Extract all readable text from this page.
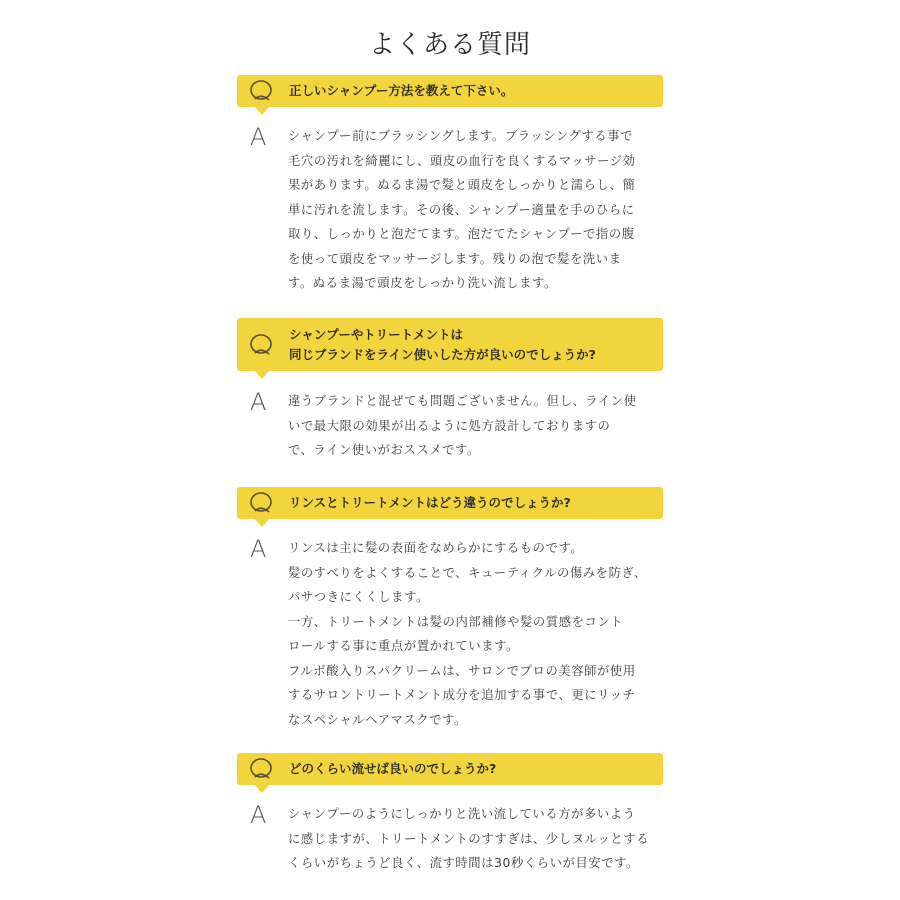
よくある質問
正しいシャンプー方法を教えて下さい。
A シャンプー前にブラッシングします。ブラッシングする事で
毛穴の汚れを綺麗にし、頭皮の血行を良くするマッサージ効
果があります。ぬるま湯で髪と頭皮をしっかりと濡らし、簡
単に汚れを流します。その後、シャンプー適量を手のひらに
取り、しっかりと泡だてます。泡だてたシャンプーで指の腹
を使って頭皮をマッサージします。残りの泡で髪を洗いま
す。ぬるま湯で頭皮をしっかり洗い流します。
シャンプーやトリートメントは
同じブランドをライン使いした方が良いのでしょうか?
A 違うブランドと混ぜても問題ございません。但し、ライン使
いで最大限の効果が出るように処方設計しておりますの
で、ライン使いがおススメです。
リンスとトリートメントはどう違うのでしょうか?
A リンスは主に髪の表面をなめらかにするものです。
髪のすべりをよくすることで、キューティクルの傷みを防ぎ、
パサつきにくくします。
一方、トリートメントは髪の内部補修や髪の質感をコント
ロールする事に重点が置かれています。
フルボ酸入りスパクリームは、サロンでプロの美容師が使用
するサロントリートメント成分を追加する事で、更にリッチ
なスペシャルヘアマスクです。
どのくらい流せば良いのでしょうか?
A シャンプーのようにしっかりと洗い流している方が多いよう
に感じますが、トリートメントのすすぎは、少しヌルッとする
くらいがちょうど良く、流す時間は30秒くらいが目安です。
